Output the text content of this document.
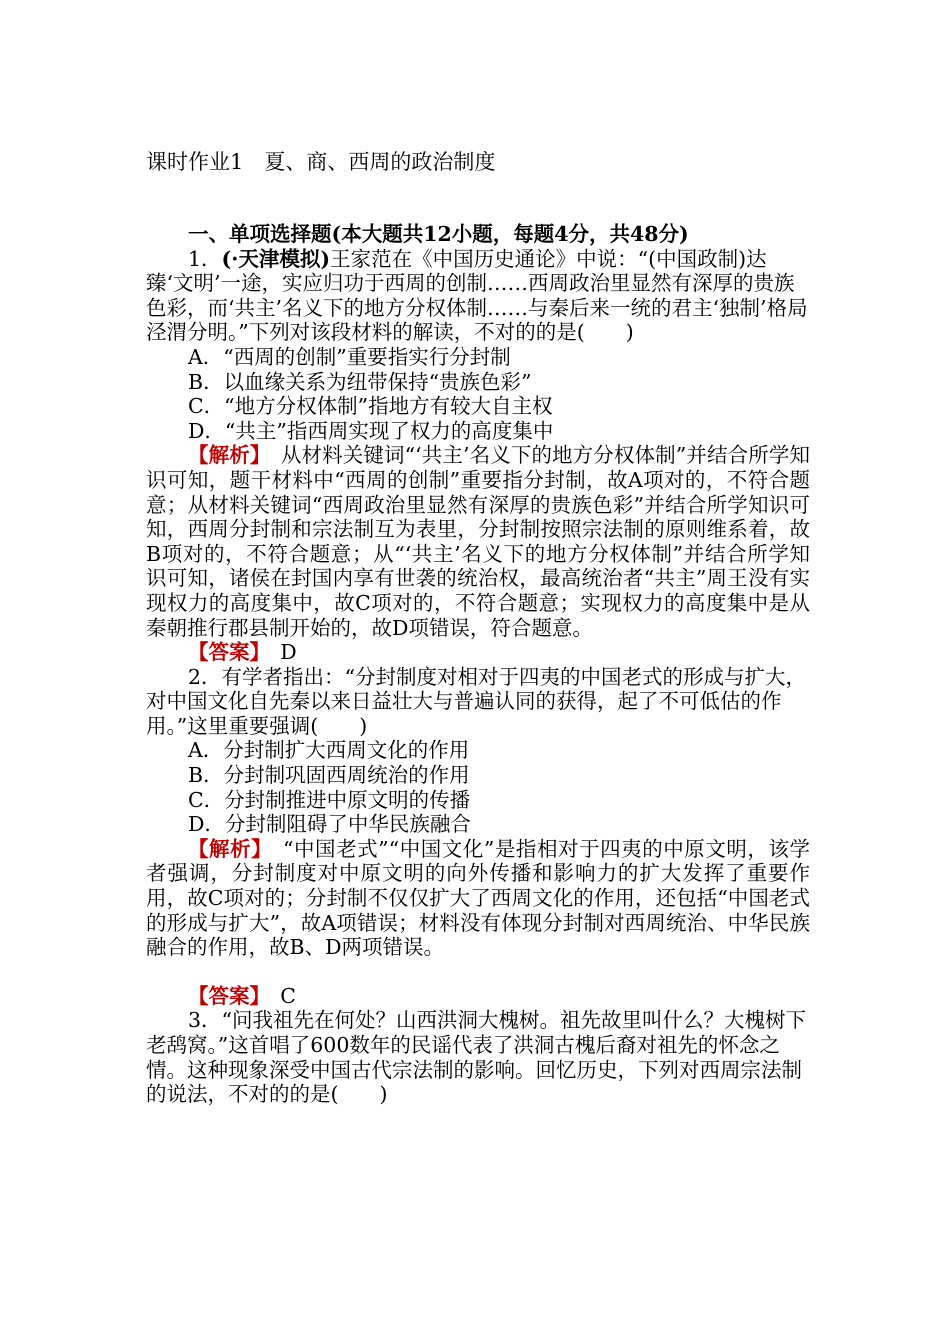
课时作业1　夏、商、西周的政治制度

一、单项选择题(本大题共12小题，每题4分，共48分)

1．(·天津模拟)王家范在《中国历史通论》中说：“(中国政制)达臻‘文明’一途，实应归功于西周的创制……西周政治里显然有深厚的贵族色彩，而‘共主’名义下的地方分权体制……与秦后来一统的君主‘独制’格局泾渭分明。”下列对该段材料的解读，不对的的是(　　)

A．“西周的创制”重要指实行分封制

B．以血缘关系为纽带保持“贵族色彩”

C．“地方分权体制”指地方有较大自主权

D．“共主”指西周实现了权力的高度集中

【解析】　从材料关键词“‘共主’名义下的地方分权体制”并结合所学知识可知，题干材料中“西周的创制”重要指分封制，故A项对的，不符合题意；从材料关键词“西周政治里显然有深厚的贵族色彩”并结合所学知识可知，西周分封制和宗法制互为表里，分封制按照宗法制的原则维系着，故B项对的，不符合题意；从“‘共主’名义下的地方分权体制”并结合所学知识可知，诸侯在封国内享有世袭的统治权，最高统治者“共主”周王没有实现权力的高度集中，故C项对的，不符合题意；实现权力的高度集中是从秦朝推行郡县制开始的，故D项错误，符合题意。

【答案】　 D

2．有学者指出：“分封制度对相对于四夷的中国老式的形成与扩大，对中国文化自先秦以来日益壮大与普遍认同的获得，起了不可低估的作用。”这里重要强调(　　)

A．分封制扩大西周文化的作用

B．分封制巩固西周统治的作用

C．分封制推进中原文明的传播

D．分封制阻碍了中华民族融合

【解析】　“中国老式”“中国文化”是指相对于四夷的中原文明，该学者强调，分封制度对中原文明的向外传播和影响力的扩大发挥了重要作用，故C项对的；分封制不仅仅扩大了西周文化的作用，还包括“中国老式的形成与扩大”，故A项错误；材料没有体现分封制对西周统治、中华民族融合的作用，故B、D两项错误。

【答案】　 C

3．“问我祖先在何处？山西洪洞大槐树。祖先故里叫什么？大槐树下老鸹窝。”这首唱了600数年的民谣代表了洪洞古槐后裔对祖先的怀念之情。这种现象深受中国古代宗法制的影响。回忆历史，下列对西周宗法制的说法，不对的的是(　　)
